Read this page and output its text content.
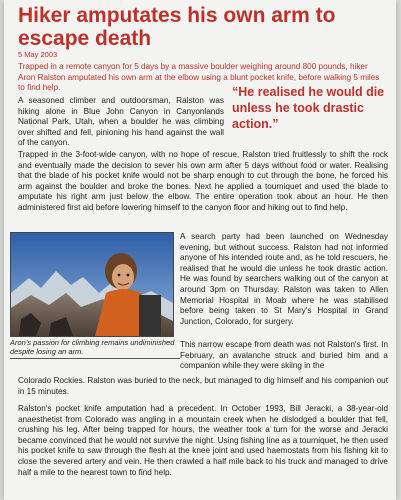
Hiker amputates his own arm to escape death
5 May 2003

Trapped in a remote canyon for 5 days by a massive boulder weighing around 800 pounds, hiker Aron Ralston amputated his own arm at the elbow using a blunt pocket knife, before walking 5 miles to find help.

A seasoned climber and outdoorsman, Ralston was hiking alone in Blue John Canyon in Canyonlands National Park, Utah, when a boulder he was climbing over shifted and fell, pinioning his hand against the wall of the canyon.

“He realised he would die unless he took drastic action.”

Trapped in the 3-foot-wide canyon, with no hope of rescue, Ralston tried fruitlessly to shift the rock and eventually made the decision to sever his own arm after 5 days without food or water. Realising that the blade of his pocket knife would not be sharp enough to cut through the bone, he forced his arm against the boulder and broke the bones. Next he applied a tourniquet and used the blade to amputate his right arm just below the elbow. The entire operation took about an hour. He then administered first aid before lowering himself to the canyon floor and hiking out to find help.

Aron's passion for climbing remains undiminished despite losing an arm.

A search party had been launched on Wednesday evening, but without success. Ralston had not informed anyone of his intended route and, as he told rescuers, he realised that he would die unless he took drastic action. He was found by searchers walking out of the canyon at around 3pm on Thursday. Ralston was taken to Allen Memorial Hospital in Moab where he was stabilised before being taken to St Mary's Hospital in Grand Junction, Colorado, for surgery.

This narrow escape from death was not Ralston's first. In February, an avalanche struck and buried him and a companion while they were skiing in the

Colorado Rockies. Ralston was buried to the neck, but managed to dig himself and his companion out in 15 minutes.

Ralston's pocket knife amputation had a precedent. In October 1993, Bill Jeracki, a 38-year-old anaesthetist from Colorado was angling in a mountain creek when he dislodged a boulder that fell, crushing his leg. After being trapped for hours, the weather took a turn for the worse and Jeracki became convinced that he would not survive the night. Using fishing line as a tourniquet, he then used his pocket knife to saw through the flesh at the knee joint and used haemostats from his fishing kit to close the severed artery and vein. He then crawled a half mile back to his truck and managed to drive half a mile to the nearest town to find help.
